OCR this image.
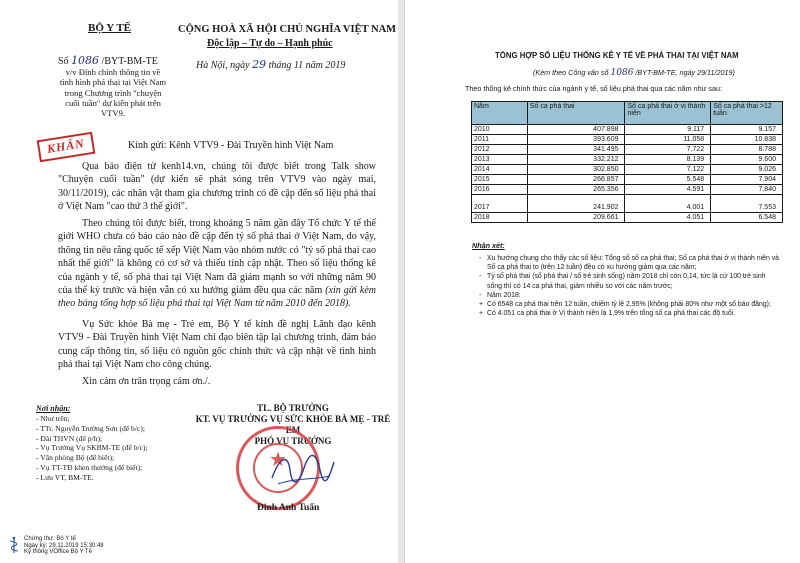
BỘ Y TẾ	CỘNG HOÀ XÃ HỘI CHỦ NGHĨA VIỆT NAM
Độc lập – Tự do – Hạnh phúc
Số 1086 /BYT-BM-TE	Hà Nội, ngày 29 tháng 11 năm 2019
v/v Đính chính thông tin về tình hình phá thai tại Việt Nam trong Chương trình "chuyện cuối tuần" dự kiến phát trên VTV9.
KHẨN	Kính gửi: Kênh VTV9 - Đài Truyền hình Việt Nam
Qua báo điện tử kenh14.vn, chúng tôi được biết trong Talk show "Chuyện cuối tuần" (dự kiến sẽ phát sóng trên VTV9 vào ngày mai, 30/11/2019), các nhân vật tham gia chương trình có đề cập đến số liệu phá thai ở Việt Nam "cao thứ 3 thế giới".
Theo chúng tôi được biết, trong khoảng 5 năm gần đây Tổ chức Y tế thế giới WHO chưa có báo cáo nào đề cập đến tỷ số phá thai ở Việt Nam, do vậy, thông tin nêu rằng quốc tế xếp Việt Nam vào nhóm nước có "tỷ số phá thai cao nhất thế giới" là không có cơ sở và thiếu tính cập nhật. Theo số liệu thống kê của ngành y tế, số phá thai tại Việt Nam đã giảm mạnh so với những năm 90 của thế kỷ trước và hiện vẫn có xu hướng giảm đều qua các năm (xin gửi kèm theo bảng tổng hợp số liệu phá thai tại Việt Nam từ năm 2010 đến 2018).
Vụ Sức khỏe Bà mẹ - Trẻ em, Bộ Y tế kính đề nghị Lãnh đạo kênh VTV9 - Đài Truyền hình Việt Nam chỉ đạo biên tập lại chương trình, đảm bảo cung cấp thông tin, số liệu có nguồn gốc chính thức và cập nhật về tình hình phá thai tại Việt Nam cho công chúng.
Xin cảm ơn trân trọng cảm ơn./.
Nơi nhận:
- Như trên;
- TTr. Nguyễn Trường Sơn (để b/c);
- Đài THVN (để p/h);
- Vụ Trưởng Vụ SKBM-TE (để b/c);
- Văn phòng Bộ (để biết);
- Vụ TT-TĐ khen thưởng (để biết);
- Lưu VT, BM-TE.
TL. BỘ TRƯỞNG
KT. VỤ TRƯỞNG VỤ SỨC KHỎE BÀ MẸ - TRẺ EM
PHÓ VỤ TRƯỞNG
★
Đinh Anh Tuấn
Chứng thư: Bộ Y tế
Ngày ký: 29.11.2019 15:30:48
Ký thông VOffice Bộ Y Tế
TỔNG HỢP SỐ LIỆU THỐNG KÊ Y TẾ VỀ PHÁ THAI TẠI VIỆT NAM
(Kèm theo Công văn số 1086 /BYT-BM-TE, ngày 29/11/2019)
Theo thống kê chính thức của ngành y tế, số liệu phá thai qua các năm như sau:
Năm	Số ca phá thai	Số ca phá thai ở vị thành niên	Số ca phá thai >12 tuần
2010	407.898	9.117	9.157
2011	393.609	11.058	10.838
2012	341.495	7.722	8.788
2013	332.212	8.139	9.600
2014	302.850	7.122	9.026
2015	266.857	5.548	7.904
2016	265.356	4.591	7.840
2017	241.902	4.001	7.553
2018	209.661	4.051	6.548
Nhận xét:
- Xu hướng chung cho thấy các số liệu: Tổng số số ca phá thai; Số ca phá thai ở vị thành niên và Số ca phá thai to (trên 12 tuần) đều có xu hướng giảm qua các năm;
- Tỷ số phá thai (số phá thai / số trẻ sinh sống) năm 2018 chỉ còn 0,14, tức là cứ 100 trẻ sinh sống thì có 14 ca phá thai, giảm nhiều so với các năm trước;
- Năm 2018:
+ Có 6548 ca phá thai trên 12 tuần, chiếm tỷ lệ 2,95% (không phải 80% như một số báo đăng);
+ Có 4.051 ca phá thai ở Vị thành niên là 1,9% trên tổng số ca phá thai các độ tuổi.
